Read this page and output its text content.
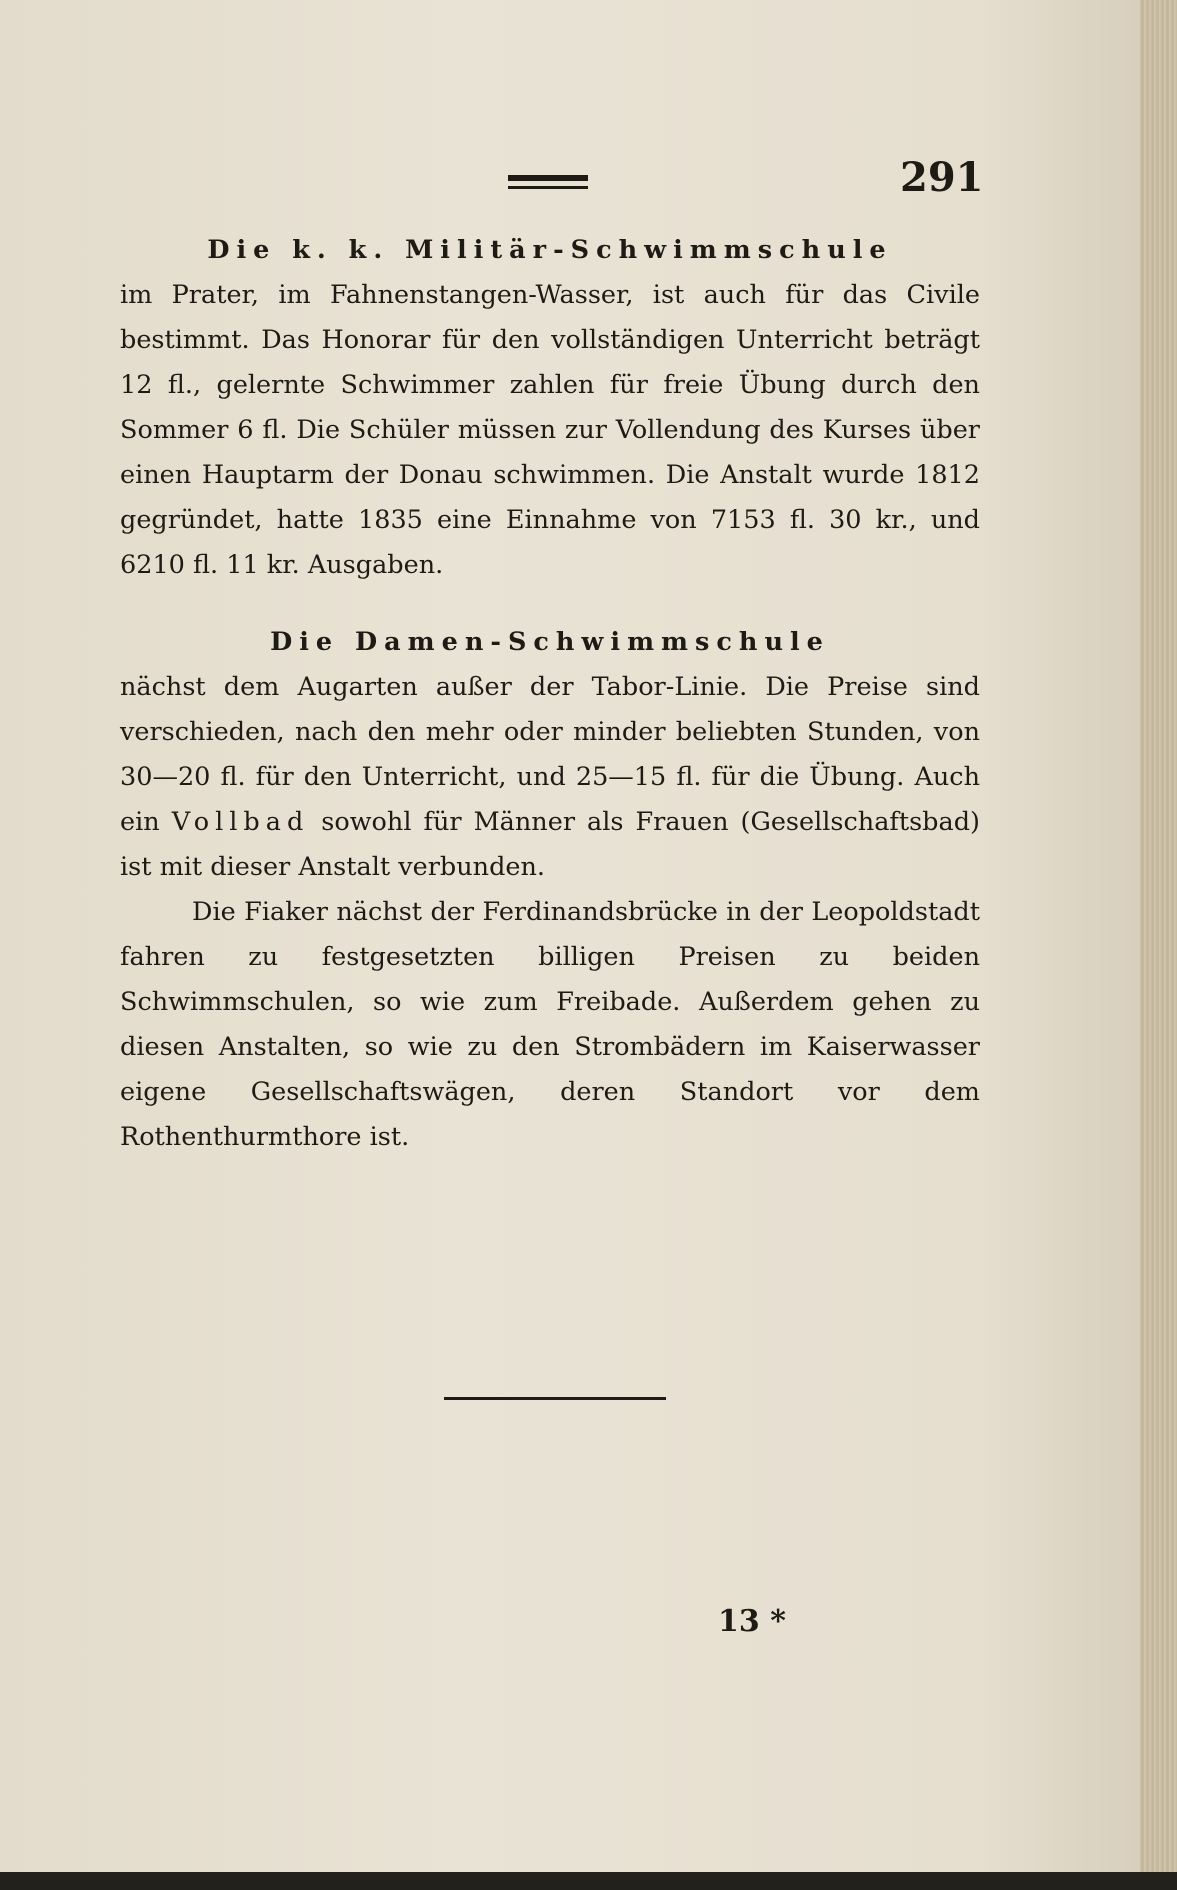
291

Die k. k. Militär-Schwimmschule

im Prater, im Fahnenstangen-Wasser, ist auch für das Civile bestimmt. Das Honorar für den vollständigen Unterricht beträgt 12 fl., gelernte Schwimmer zahlen für freie Übung durch den Sommer 6 fl. Die Schüler müssen zur Vollendung des Kurses über einen Hauptarm der Donau schwimmen. Die Anstalt wurde 1812 gegründet, hatte 1835 eine Einnahme von 7153 fl. 30 kr., und 6210 fl. 11 kr. Ausgaben.

Die Damen-Schwimmschule

nächst dem Augarten außer der Tabor-Linie. Die Preise sind verschieden, nach den mehr oder minder beliebten Stunden, von 30—20 fl. für den Unterricht, und 25—15 fl. für die Übung. Auch ein Vollbad sowohl für Männer als Frauen (Gesellschaftsbad) ist mit dieser Anstalt verbunden.

Die Fiaker nächst der Ferdinandsbrücke in der Leopoldstadt fahren zu festgesetzten billigen Preisen zu beiden Schwimmschulen, so wie zum Freibade. Außerdem gehen zu diesen Anstalten, so wie zu den Strombädern im Kaiserwasser eigene Gesellschaftswägen, deren Standort vor dem Rothenthurmthore ist.

13 *
